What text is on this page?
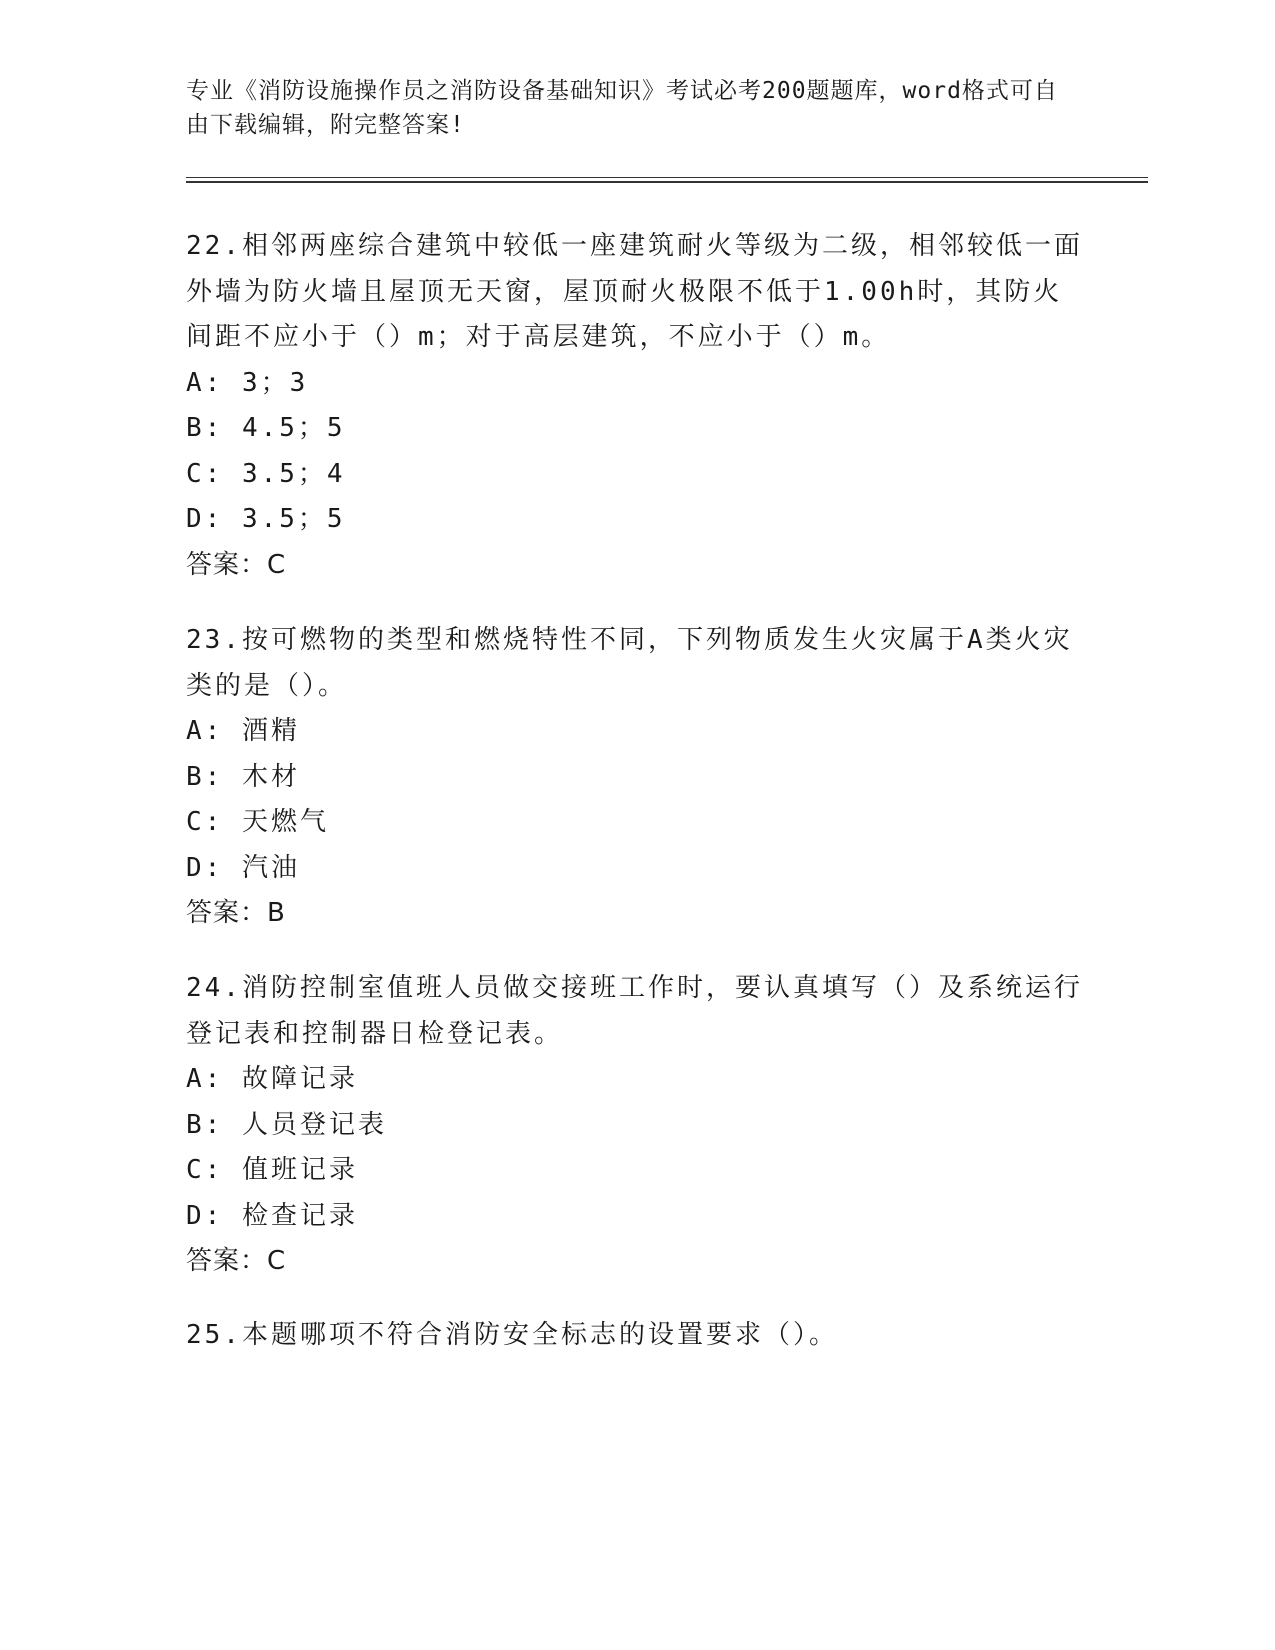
专业《消防设施操作员之消防设备基础知识》考试必考200题题库，word格式可自由下载编辑，附完整答案!

22.相邻两座综合建筑中较低一座建筑耐火等级为二级，相邻较低一面外墙为防火墙且屋顶无天窗，屋顶耐火极限不低于1.00h时，其防火间距不应小于（）m；对于高层建筑，不应小于（）m。

A: 3；3

B: 4.5；5

C: 3.5；4

D: 3.5；5

答案：C

23.按可燃物的类型和燃烧特性不同，下列物质发生火灾属于A类火灾类的是（）。

A: 酒精

B: 木材

C: 天燃气

D: 汽油

答案：B

24.消防控制室值班人员做交接班工作时，要认真填写（）及系统运行登记表和控制器日检登记表。

A: 故障记录

B: 人员登记表

C: 值班记录

D: 检查记录

答案：C

25.本题哪项不符合消防安全标志的设置要求（）。
